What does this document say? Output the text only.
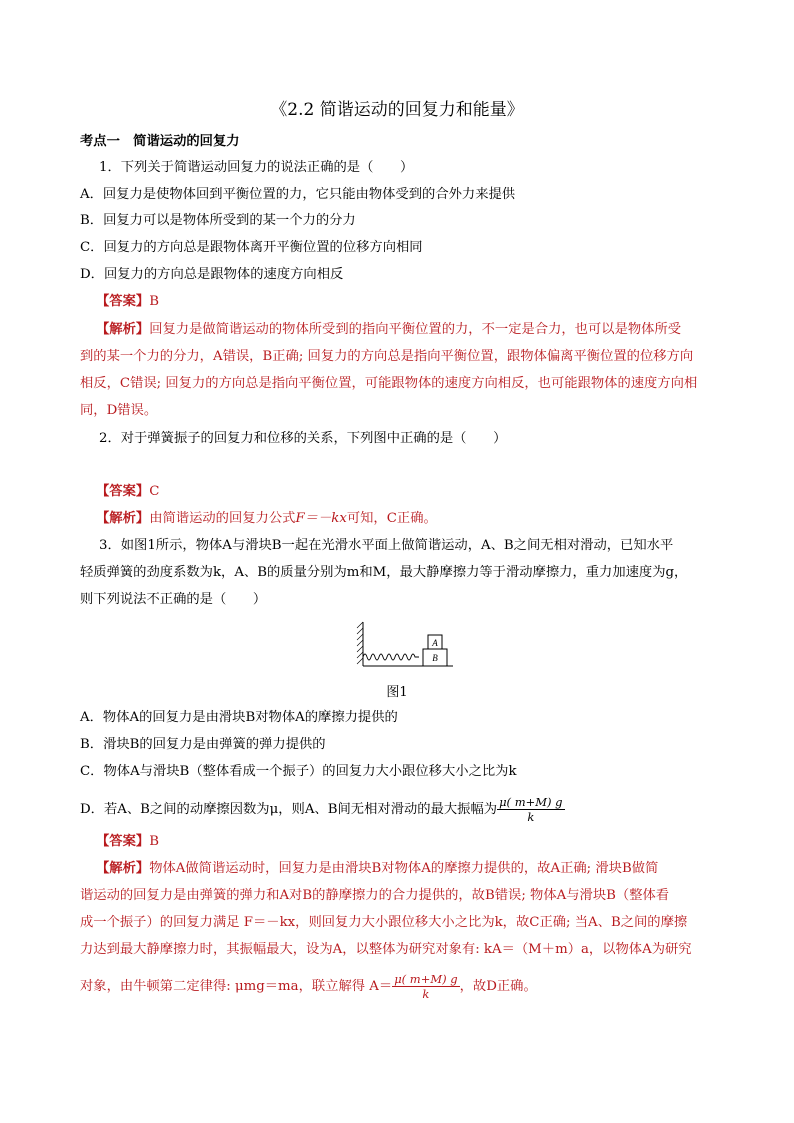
《2.2 简谐运动的回复力和能量》
考点一　简谐运动的回复力
1．下列关于简谐运动回复力的说法正确的是（　　）
A．回复力是使物体回到平衡位置的力，它只能由物体受到的合外力来提供
B．回复力可以是物体所受到的某一个力的分力
C．回复力的方向总是跟物体离开平衡位置的位移方向相同
D．回复力的方向总是跟物体的速度方向相反
【答案】B
【解析】回复力是做简谐运动的物体所受到的指向平衡位置的力，不一定是合力，也可以是物体所受
到的某一个力的分力，A错误，B正确; 回复力的方向总是指向平衡位置，跟物体偏离平衡位置的位移方向
相反，C错误; 回复力的方向总是指向平衡位置，可能跟物体的速度方向相反，也可能跟物体的速度方向相
同，D错误。
2．对于弹簧振子的回复力和位移的关系，下列图中正确的是（　　）
【答案】C
【解析】由简谐运动的回复力公式F＝－kx可知，C正确。
3．如图1所示，物体A与滑块B一起在光滑水平面上做简谐运动，A、B之间无相对滑动，已知水平
轻质弹簧的劲度系数为k，A、B的质量分别为m和M，最大静摩擦力等于滑动摩擦力，重力加速度为g，
则下列说法不正确的是（　　）
A
B
图1
A．物体A的回复力是由滑块B对物体A的摩擦力提供的
B．滑块B的回复力是由弹簧的弹力提供的
C．物体A与滑块B（整体看成一个振子）的回复力大小跟位移大小之比为k
D．若A、B之间的动摩擦因数为μ，则A、B间无相对滑动的最大振幅为 $\frac{\mu( m+M) g}{k}$
【答案】B
【解析】物体A做简谐运动时，回复力是由滑块B对物体A的摩擦力提供的，故A正确; 滑块B做简
谐运动的回复力是由弹簧的弹力和A对B的静摩擦力的合力提供的，故B错误; 物体A与滑块B（整体看
成一个振子）的回复力满足 F＝－kx，则回复力大小跟位移大小之比为k，故C正确; 当A、B之间的摩擦
力达到最大静摩擦力时，其振幅最大，设为A，以整体为研究对象有: kA＝（M＋m）a，以物体A为研究
对象，由牛顿第二定律得: μmg＝ma，联立解得 $A= \frac{\mu( m+M) g}{k}$ ，故D正确。
